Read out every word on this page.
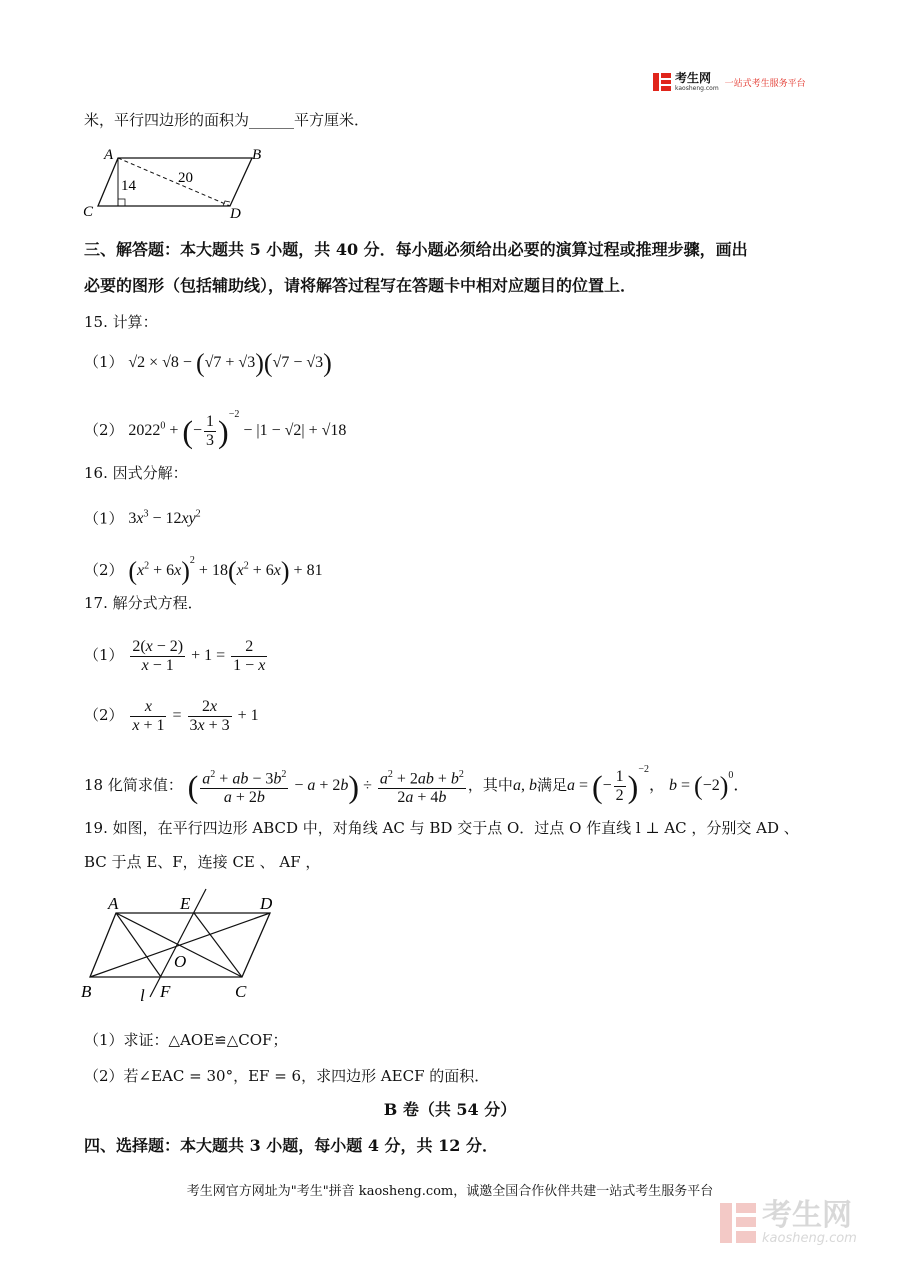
考生网
kaosheng.com 一站式考生服务平台
米，平行四边形的面积为______平方厘米．
A	B
C	D
14	20
三、解答题：本大题共 5 小题，共 40 分．每小题必须给出必要的演算过程或推理步骤，画出
必要的图形（包括辅助线），请将解答过程写在答题卡中相对应题目的位置上．
15. 计算：
（1） √2 × √8 − (√7 + √3)(√7 − √3)
（2） $2022^0$ + (− $\frac{1}{3} )^{-2} - |1 - √2| + √18$
16. 因式分解：
（1） $3x^3 - 12xy^2$
（2） $(x^2 + 6x)^2 + 18(x^2 + 6x) + 81$
17. 解分式方程．
$(1) \frac{2(x - 2)}{x - 1} + 1 = \frac{2}{1 - x}$
$(2) \frac{x}{x + 1} = \frac{2x}{3x + 3} + 1$
18 化简求值： ( $\frac{a^2 + ab - 3b^2}{a + 2b} - a + 2b) \div \frac{a^2 + 2ab + b^2}{2a + 4b}$ ，其中a, b满足a = (− $\frac{1}{2} )^{-2}$， $b = (-2)^0$．
19. 如图，在平行四边形 ABCD 中，对角线 AC 与 BD 交于点 O．过点 O 作直线 l ⊥ AC ，分别交 AD 、
BC 于点 E、F，连接 CE 、 AF ，
A	E	D
O
B	l F	C
（1）求证：△AOE≌△COF；
（2）若∠EAC = 30°，EF = 6，求四边形 AECF 的面积．
B 卷（共 54 分）
四、选择题：本大题共 3 小题，每小题 4 分，共 12 分．
考生网官方网址为"考生"拼音 kaosheng.com，诚邀全国合作伙伴共建一站式考生服务平台
考生网
kaosheng.com
